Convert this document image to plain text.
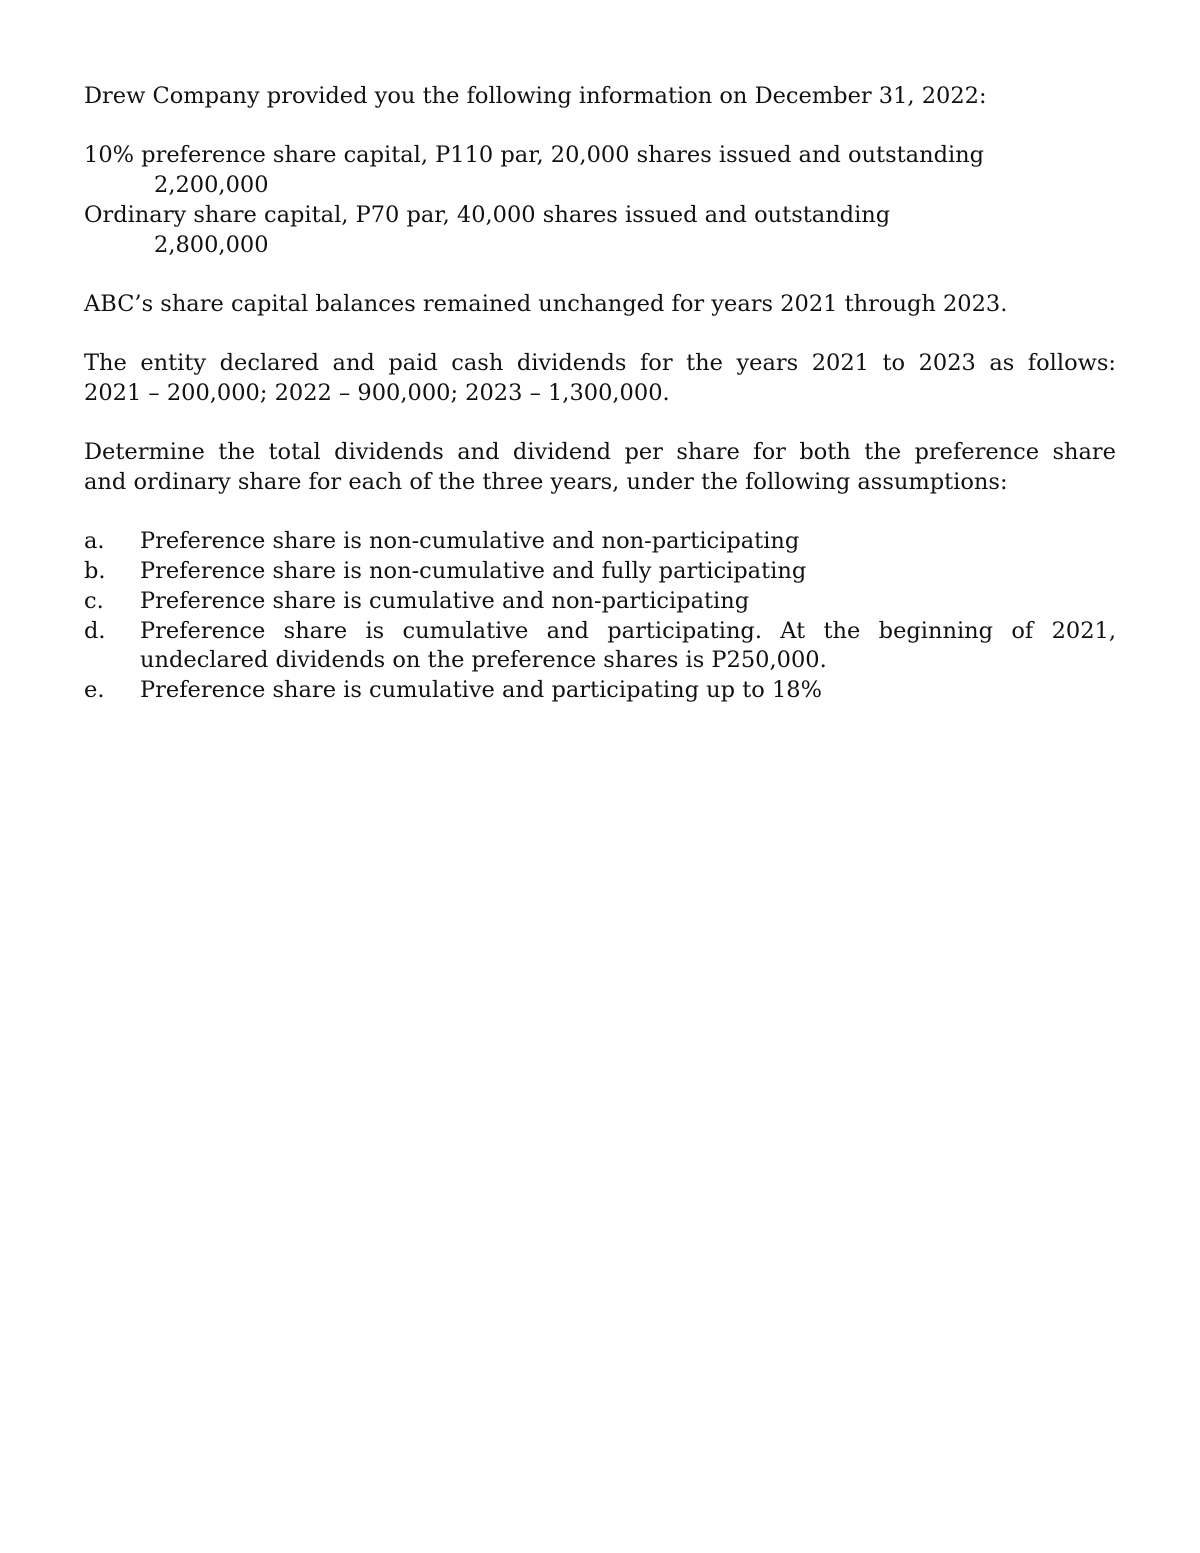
Drew Company provided you the following information on December 31, 2022:

10% preference share capital, P110 par, 20,000 shares issued and outstanding
2,200,000
Ordinary share capital, P70 par, 40,000 shares issued and outstanding
2,800,000

ABC’s share capital balances remained unchanged for years 2021 through 2023.

The entity declared and paid cash dividends for the years 2021 to 2023 as follows:
2021 – 200,000; 2022 – 900,000; 2023 – 1,300,000.

Determine the total dividends and dividend per share for both the preference share
and ordinary share for each of the three years, under the following assumptions:

a.	Preference share is non-cumulative and non-participating
b.	Preference share is non-cumulative and fully participating
c.	Preference share is cumulative and non-participating
d.	Preference share is cumulative and participating. At the beginning of 2021,
undeclared dividends on the preference shares is P250,000.
e.	Preference share is cumulative and participating up to 18%
